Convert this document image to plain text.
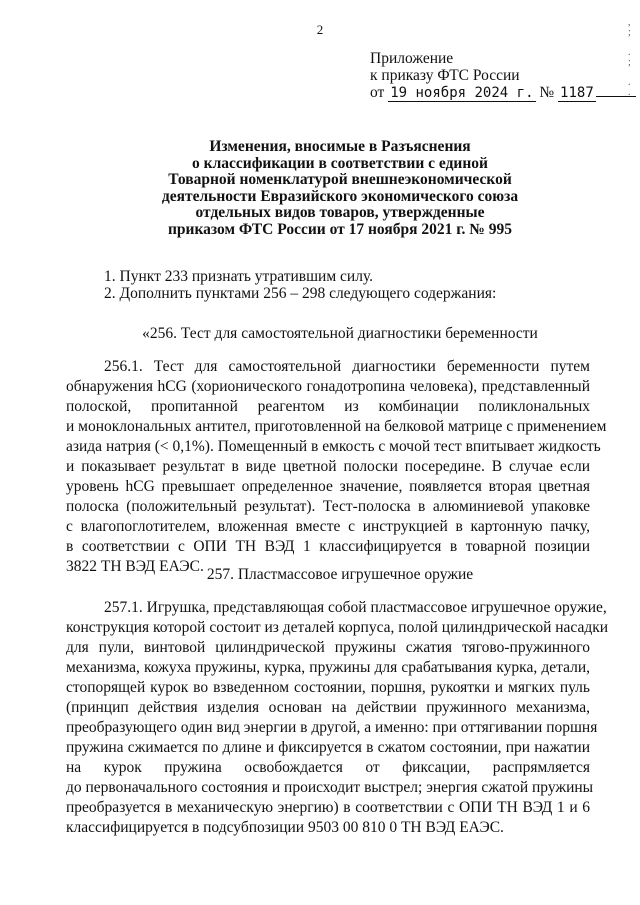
2	,
;

.
;

.
.
Приложение
к приказу ФТС России
от 19 ноября 2024 г. № 1187
Изменения, вносимые в Разъяснения
о классификации в соответствии с единой
Товарной номенклатурой внешнеэкономической
деятельности Евразийского экономического союза
отдельных видов товаров, утвержденные
приказом ФТС России от 17 ноября 2021 г. № 995
1. Пункт 233 признать утратившим силу.
2. Дополнить пунктами 256 – 298 следующего содержания:
«256. Тест для самостоятельной диагностики беременности
256.1. Тест для самостоятельной диагностики беременности путем
обнаружения hCG (хорионического гонадотропина человека), представленный
полоской, пропитанной реагентом из комбинации поликлональных
и моноклональных антител, приготовленной на белковой матрице с применением
азида натрия (< 0,1%). Помещенный в емкость с мочой тест впитывает жидкость
и показывает результат в виде цветной полоски посередине. В случае если
уровень hCG превышает определенное значение, появляется вторая цветная
полоска (положительный результат). Тест-полоска в алюминиевой упаковке
с влагопоглотителем, вложенная вместе с инструкцией в картонную пачку,
в соответствии с ОПИ ТН ВЭД 1 классифицируется в товарной позиции
3822 ТН ВЭД ЕАЭС. 257. Пластмассовое игрушечное оружие
257.1. Игрушка, представляющая собой пластмассовое игрушечное оружие,
конструкция которой состоит из деталей корпуса, полой цилиндрической насадки
для пули, винтовой цилиндрической пружины сжатия тягово-пружинного
механизма, кожуха пружины, курка, пружины для срабатывания курка, детали,
стопорящей курок во взведенном состоянии, поршня, рукоятки и мягких пуль
(принцип действия изделия основан на действии пружинного механизма,
преобразующего один вид энергии в другой, а именно: при оттягивании поршня
пружина сжимается по длине и фиксируется в сжатом состоянии, при нажатии
на курок пружина освобождается от фиксации, распрямляется
до первоначального состояния и происходит выстрел; энергия сжатой пружины
преобразуется в механическую энергию) в соответствии с ОПИ ТН ВЭД 1 и 6
классифицируется в подсубпозиции 9503 00 810 0 ТН ВЭД ЕАЭС.
